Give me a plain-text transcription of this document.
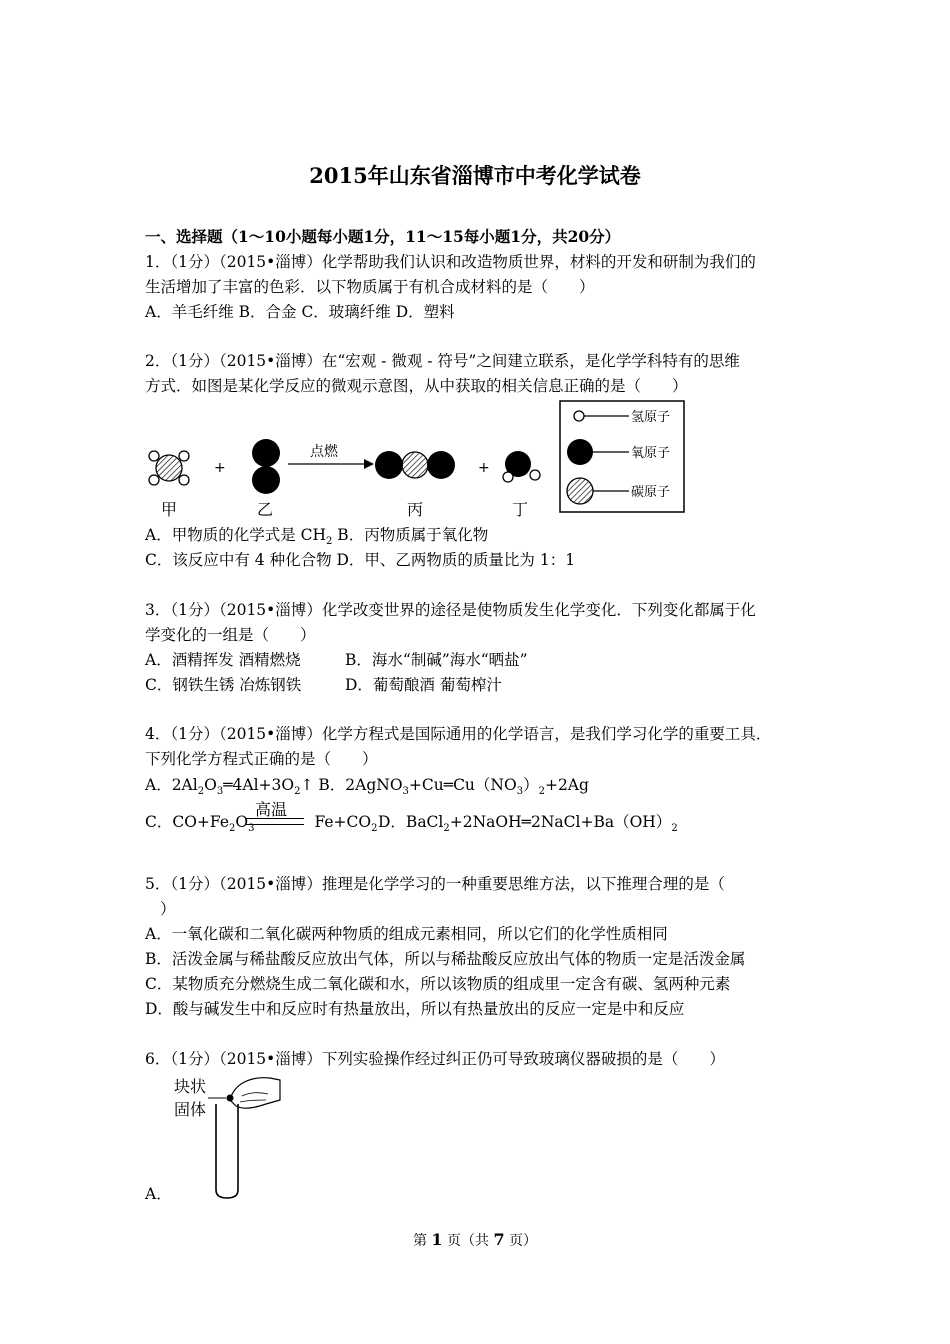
2015年山东省淄博市中考化学试卷
一、选择题（1～10小题每小题1分，11～15每小题1分，共20分）
1．（1分）（2015•淄博）化学帮助我们认识和改造物质世界，材料的开发和研制为我们的
生活增加了丰富的色彩．以下物质属于有机合成材料的是（　　）
A．羊毛纤维 B．合金 C．玻璃纤维 D．塑料
2．（1分）（2015•淄博）在“宏观 - 微观 - 符号”之间建立联系，是化学学科特有的思维
方式．如图是某化学反应的微观示意图，从中获取的相关信息正确的是（　　）
+
点燃
+
甲	乙	丙	丁
氢原子
氧原子
碳原子
A．甲物质的化学式是 $CH_2$ B．丙物质属于氧化物
C．该反应中有 4 种化合物 D．甲、乙两物质的质量比为 1：1
3．（1分）（2015•淄博）化学改变世界的途径是使物质发生化学变化．下列变化都属于化
学变化的一组是（　　）
A．酒精挥发 酒精燃烧	B．海水“制碱”海水“晒盐”
C．钢铁生锈 冶炼钢铁	D．葡萄酿酒 葡萄榨汁
4．（1分）（2015•淄博）化学方程式是国际通用的化学语言，是我们学习化学的重要工具．
下列化学方程式正确的是（　　）
A．$2Al_2O_3═4Al+3O_2↑$ B．$2AgNO_3+Cu═Cu(NO_3)_2+2Ag$
高温
C．$CO+Fe_2O_3$	$Fe+CO_2$ D．$BaCl_2+2NaOH═2NaCl+Ba(OH)_2$
5．（1分）（2015•淄博）推理是化学学习的一种重要思维方法，以下推理合理的是（
）
A．一氧化碳和二氧化碳两种物质的组成元素相同，所以它们的化学性质相同
B．活泼金属与稀盐酸反应放出气体，所以与稀盐酸反应放出气体的物质一定是活泼金属
C．某物质充分燃烧生成二氧化碳和水，所以该物质的组成里一定含有碳、氢两种元素
D．酸与碱发生中和反应时有热量放出，所以有热量放出的反应一定是中和反应
6．（1分）（2015•淄博）下列实验操作经过纠正仍可导致玻璃仪器破损的是（　　）
块状
固体
A．
第 1 页（共 7 页）
